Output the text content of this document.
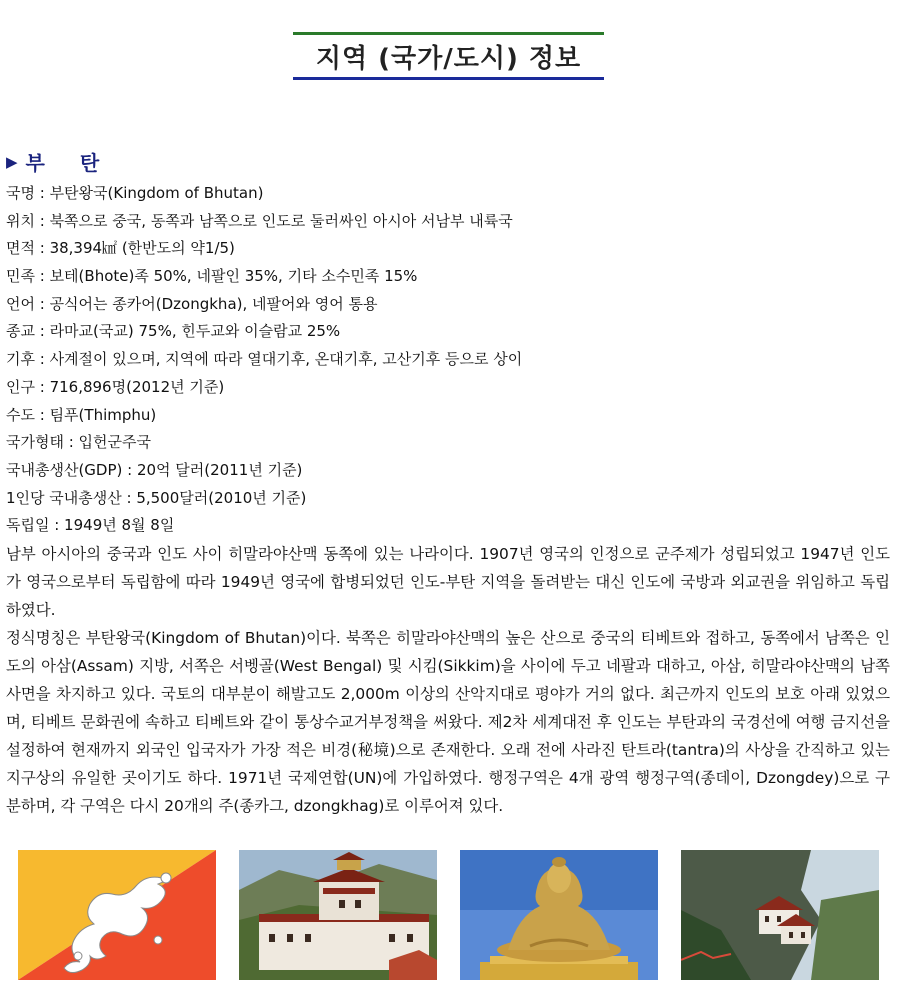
지역 (국가/도시) 정보
▶ 부 탄
국명 : 부탄왕국(Kingdom of Bhutan)
위치 : 북쪽으로 중국, 동쪽과 남쪽으로 인도로 둘러싸인 아시아 서남부 내륙국
면적 : 38,394㎢ (한반도의 약1/5)
민족 : 보테(Bhote)족 50%, 네팔인 35%, 기타 소수민족 15%
언어 : 공식어는 종카어(Dzongkha), 네팔어와 영어 통용
종교 : 라마교(국교) 75%, 힌두교와 이슬람교 25%
기후 : 사계절이 있으며, 지역에 따라 열대기후, 온대기후, 고산기후 등으로 상이
인구 : 716,896명(2012년 기준)
수도 : 팀푸(Thimphu)
국가형태 : 입헌군주국
국내총생산(GDP) : 20억 달러(2011년 기준)
1인당 국내총생산 : 5,500달러(2010년 기준)
독립일 : 1949년 8월 8일

남부 아시아의 중국과 인도 사이 히말라야산맥 동쪽에 있는 나라이다. 1907년 영국의 인정으로 군주제가 성립되었고 1947년 인도가 영국으로부터 독립함에 따라 1949년 영국에 합병되었던 인도-부탄 지역을 돌려받는 대신 인도에 국방과 외교권을 위임하고 독립하였다.

정식명칭은 부탄왕국(Kingdom of Bhutan)이다. 북쪽은 히말라야산맥의 높은 산으로 중국의 티베트와 접하고, 동쪽에서 남쪽은 인도의 아삼(Assam) 지방, 서쪽은 서벵골(West Bengal) 및 시킴(Sikkim)을 사이에 두고 네팔과 대하고, 아삼, 히말라야산맥의 남쪽 사면을 차지하고 있다. 국토의 대부분이 해발고도 2,000m 이상의 산악지대로 평야가 거의 없다. 최근까지 인도의 보호 아래 있었으며, 티베트 문화권에 속하고 티베트와 같이 통상수교거부정책을 써왔다. 제2차 세계대전 후 인도는 부탄과의 국경선에 여행 금지선을 설정하여 현재까지 외국인 입국자가 가장 적은 비경(秘境)으로 존재한다. 오래 전에 사라진 탄트라(tantra)의 사상을 간직하고 있는 지구상의 유일한 곳이기도 하다. 1971년 국제연합(UN)에 가입하였다. 행정구역은 4개 광역 행정구역(종데이, Dzongdey)으로 구분하며, 각 구역은 다시 20개의 주(종카그, dzongkhag)로 이루어져 있다.
